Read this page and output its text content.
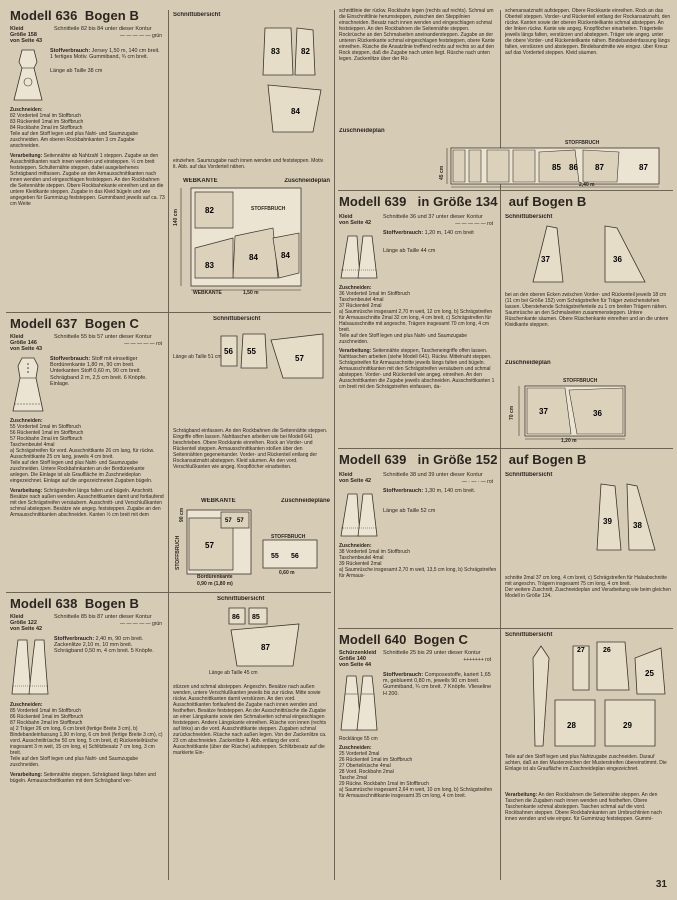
Modell 636 Bogen B
Kleid
Größe 158
von Seite 43
Schnitteile 82 bis 84 unter dieser Kontur
— — — — — grün
Stoffverbrauch: Jersey 1,50 m, 140 cm breit. 1 fertiges Motiv. Gummiband, ¾ cm breit.
Länge ab Taille 38 cm
Zuschneiden:
82 Vorderteil 1mal im Stoffbruch
83 Rückenteil 1mal im Stoffbruch
84 Rockbahn 2mal im Stoffbruch
Teile auf den Stoff legen und plus Naht- und Saumzugabe zuschneiden. Am oberen Rockbahnkanten 3 cm Zugabe anschneiden.
Verarbeitung: Seitennähte ab Nahtzahl 1 steppen. Zugabe an den Ausschnittkanten nach innen wenden und einsteppen. ½ cm breit feststeppen. Schulternähte steppen, dabei ausgelsehenes Schrägband mitfassen. Zugabe an den Armausschnittkanten nach innen wenden und eingeschlagen feststeppen. An den Rockbahnen die Seitennähte steppen. Obere Rockbahnkante einreihen und an die untere Kleidkante steppen. Zugabe in das Kleid bügeln und wie angegeben für Gummizug feststeppen. Gummiband jeweils auf ca. 73 cm Weite
Schnittübersicht
83	82
84
einziehen. Saumzugabe nach innen wenden und feststeppen. Motiv lt. Abb. auf das Vorderteil nähen.
WEBKANTE	Zuschneideplan
82
84	84
83
140 cm
STOFFBRUCH
WEBKANTE	1,50 m
Modell 637 Bogen C
Kleid
Größe 146
von Seite 43
Schnitteile 55 bis 57 unter dieser Kontur
— — — — — rot
Stoffverbrauch: Stoff mit einseitiger Bordürenkante 1,80 m, 90 cm breit. Unterkanten Stoff 0,60 m, 90 cm breit. Schrägband 2 m, 2,5 cm breit. 6 Knöpfe. Einlage.
Zuschneiden:
55 Vorderteil 1mal im Stoffbruch
56 Rückenteil 1mal im Stoffbruch
57 Rockbahn 2mal im Stoffbruch
Taschenbeutel 4mal
a) Schrägstreifen für vord. Ausschnittkante 26 cm lang, für rückw. Ausschnittkante 25 cm lang, jeweils 4 cm breit.
Teile auf den Stoff legen und plus Naht- und Saumzugabe zuschneiden. Untere Rockbahnkanten an der Bordürenkante anlegen. Die Einlage ist als Grauflläche im Zuschneideplan eingezeichnet. Einlage auf die angezeichneten Zugaben bügeln.
Verarbeitung: Schrägstreifen längs falten und bügeln. Anschnitt. Besätze nach außen wenden. Ausschnittkanten damit und fortlaufend mit den Schrägstreifen versäubern. Ausschnitt- und Verschlußkanten schmal absteppen. Besätze wie angeg. feststeppen. Zugabe an den Armausschnittkanten abschneiden. Kanten ½ cm breit mit dem
Schnittübersicht
56 55
57
Länge ab Taille 51 cm
Schrägband einfassen. An den Rockbahnen die Seitennähte steppen. Eingriffe offen lassen. Nahttaschen arbeiten wie bei Modell 641 beschrieben. Obere Rockkante einreihen. Rock an Vorder- und Rückenteil steppen. Armausschnittkanten stoßen über den Seitennähten gegeneinander. Vorder- und Rückenteil entlang der Rockansatznaht absteppen. Kleid säumen. An den vord. Verschlußkanten wie angeg. Knopflöcher einarbeiten.
WEBKANTE	Zuschneidepläne
57
57 57
55 56
STOFFBRUCH
90 cm
STOFFBRUCH
Bordürenkante
0,90 m (1,80 m)
0,60 m
Modell 638 Bogen B
Kleid
Größe 122
von Seite 42
Schnitteile 85 bis 87 unter dieser Kontur
— — — — — grün
Stoffverbrauch: 2,40 m, 90 cm breit. Zackenlitze 2,10 m, 10 mm breit. Schrägband 0,50 m, 4 cm breit. 5 Knöpfe.
Zuschneiden:
85 Vorderteil 1mal im Stoffbruch
86 Rückenteil 1mal im Stoffbruch
87 Rockbahn 2mal im Stoffbruch
a) 2 Träger 26 cm long, 6 cm breit (fertige Breite 3 cm), b) Bindebandeinfassung 1,90 m long, 6 cm breit (fertige Breite 3 cm), c) vord. Ausschnittrüsche 50 cm long, 5 cm breit, d) Rückenteilrüsche insgesamt 3 m weit, 15 cm long, e) Schlitzbesatz 7 cm long, 3 cm breit.
Teile auf den Stoff legen und plus Naht- und Saumzugabe zuschneiden.
Verarbeitung: Seitennähte steppen. Schrägband längs falten und bügeln. Armausschnittkanten mit dem Schrägband ver-
Schnittübersicht
86 85
87
Länge ab Taille 45 cm
stürzen und schmal absteppen. Angeschn. Besätze nach außen wenden, untere Verschlußkanten jeweils bis zur rückw. Mitte sowie rückw. Ausschnittkanten damit verstürzen. An den vord. Ausschnittkanten fortlaufend die Zugabe nach innen wenden und festheften. Besätze feststeppen. An der Ausschnittrüsche die Zugabe an einer Längskante sowie den Schmalseiten schmal eingeschlagen feststeppen. Andere Längskante einreihen. Rüsche von innen (rechts auf links) an die vord. Ausschnittkante steppen. Zugaben schmal zurückschneiden. Rüsche nach außen legen. Von der Zackenlitze ca. 23 cm abschneiden. Zackenlitze lt. Abb. entlang der vord. Ausschnittkante (über der Rüsche) aufsteppen. Schlitzbesatz auf die markierte Ein-
schnittlinie der rückw. Rockbahn legen (rechts auf rechts). Schmal um die Einschnittlinie herumsteppen, zwischen den Steppilnien einschneiden. Besatz nach innen wenden und eingeschlagen schmal feststeppen. An den Rockbahnen die Seitennähte steppen. Rockrüsche an den Schmalseiten aneinandersteppen. Zugabe an der unteren Rückenkante schmal eingeschlagen feststeppen, obere Kante einreihen. Rüsche die Ansatzlinie treffend rechts auf rechts so auf den Rock steppen, daß die Zugabe nach unten liegt. Rüsche nach unten legen. Zackenlitze über der Rü-
Zuschneideplan
85	87	87
86
45 cm
STOFFBRUCH
2,40 m
schenansatznaht aufsteppen. Obere Rockkante einreihen. Rock an das Oberteil steppen. Vorder- und Rückenteil entlang der Rockansatznaht, den rückw. Kanten sowie der oberen Rückenteilkante schmal absteppen. An der linken rückw. Kante wie angeg. Knopflöcher einarbeiten. Trägerteile jeweils längs falten, verstürzen und absteppen. Träger wie angeg. unter die obere Vorder- und Rückenteilkante nähen. Bindebandeinfassung längs falten, verstürzen und absteppen. Bindebandmitte wie eingez. über Kreuz auf das Vorderteil steppen. Kleid säumen.
Modell 639 in Größe 134 auf Bogen B
Kleid
von Seite 42
Schnitteile 36 und 37 unter dieser Kontur
— — — — — rot
Stoffverbrauch: 1,20 m, 140 cm breit
Länge ab Taille 44 cm
Zuschneiden:
36 Vorderteil 1mal im Stoffbruch
Taschenbeutel 4mal
37 Rückenteil 2mal
a) Saumrüsche insgesamt 2,70 m weit, 12 cm long, b) Schrägstreifen für Armausschnitte 2mal 32 cm long, 4 cm breit, c) Schrägstreifen für Halsausschnitte mit angeschn. Trägern insgesamt 70 cm long, 4 cm breit.
Teile auf den Stoff legen und plus Naht- und Saumzugabe zuschneiden.
Verarbeitung: Seitennähte steppen, Tascheneingriffe offen lassen. Nahttaschen arbeiten (siehe Modell 641). Rückw. Mittelnaht steppen. Schrägstreifen für Armausschnitte jeweils längs falten und bügeln. Armausschnittkanten mit den Schrägstreifen versäubern und schmal absteppen. Vorder- und Rückenteil wie angeg. einreihen. An den Ausschnittkanten die Zugabe jeweils abschneiden. Ausschnittkanten 1 cm breit mit den Schrägstreifen einfassen, da-
Schnittübersicht
37	36
bei an den oberen Ecken zwischen Vorder- und Rückenteil jeweils 18 cm (11 cm bei Größe 152) vom Schrägstreifen für Träger zwischenstehen lassen. Überstehende Schrägstreifenteile zu 1 cm breiten Trägern nähen. Saumrüsche an den Schmalseiten zusammensteppen. Untere Rüschenkante säumen. Obere Rüschenkante einreihen und an die untere Kleidkante steppen.
Zuschneideplan
37	36
STOFFBRUCH
70 cm
1,20 m
Modell 639 in Größe 152 auf Bogen B
Kleid
von Seite 42
Schnitteile 38 und 39 unter dieser Kontur
— · — · — rot
Stoffverbrauch: 1,30 m, 140 cm breit.
Länge ab Taille 52 cm
Zuschneiden:
38 Vorderteil 1mal im Stoffbruch
Taschenbeutel 4mal
39 Rückenteil 2mal
a) Saumrüsche insgesamt 2,70 m weit, 13,5 cm long, b) Schrägstreifen für Armaus-
Schnittübersicht
39	38
schnitte 2mal 37 cm long, 4 cm breit, c) Schrägstreifen für Halsabschnitte mit angeschn. Trägern insgesamt 75 cm long, 4 cm breit.
Der weitere Zuschnitt, Zuschneideplan und Verarbeitung wie beim gleichen Modell in Größe 134.
Modell 640 Bogen C
Schürzenkleid
Größe 140
von Seite 44
Schnitteile 25 bis 29 unter dieser Kontur
+++++++ rot
Stoffverbrauch: Composestoffe, kariert 1,65 m, gebluemt 0,80 m, jeweils 90 cm breit. Gummiband, ¾ cm breit. 7 Knöpfe. Vlieseline H 200.
Rocklänge 55 cm
Zuschneiden:
25 Vorderteil 2mal
26 Rückenteil 1mal im Stoffbruch
27 Oberteilrüsche 4mal
28 Vord. Rockbahn 2mal
Tasche 2mal
29 Rückw. Rockbahn 1mal im Stoffbruch
a) Saumrüsche insgesamt 2,64 m weit, 10 cm long, b) Schrägstreifen für Armausschnittkante insgesamt 35 cm long, 4 cm breit.
Schnittübersicht
27	26
25
28	29
Teile auf den Stoff legen und plus Nahtzugabe zuschneiden. Darauf achten, daß an den Musterzeichen der Musterstreifen übereinstimmt. Die Einlage ist als Graufläche im Zuschneideplan eingezeichnet.
Verarbeitung: An den Rockbahnen die Seitennähte steppen. An den Taschen die Zugaben nach innen wenden und festheften. Obere Taschenkante schmal absteppen. Taschen schmal auf die vord. Rockbahnen steppen. Obere Rockbahnkanten am Umbruchlinien nach innen wenden und wie eingez. für Gummizug feststeppen. Gummi-
31
